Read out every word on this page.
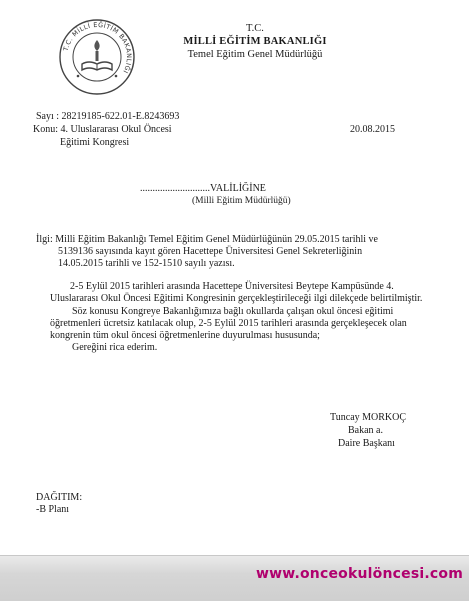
T.C. MİLLİ EĞİTİM BAKANLIĞI
T.C.
MİLLİ EĞİTİM BAKANLIĞI
Temel Eğitim Genel Müdürlüğü
Sayı : 28219185-622.01-E.8243693
Konu: 4. Uluslararası Okul Öncesi
Eğitimi Kongresi
20.08.2015
............................VALİLİĞİNE
(Milli Eğitim Müdürlüğü)
İlgi : Milli Eğitim Bakanlığı Temel Eğitim Genel Müdürlüğünün 29.05.2015 tarihli ve
5139136 sayısında kayıt gören Hacettepe Üniversitesi Genel Sekreterliğinin
14.05.2015 tarihli ve 152-1510 sayılı yazısı.
2-5 Eylül 2015 tarihleri arasında Hacettepe Üniversitesi Beytepe Kampüsünde 4.
Uluslararası Okul Öncesi Eğitimi Kongresinin gerçekleştirileceği ilgi dilekçede belirtilmiştir.
Söz konusu Kongreye Bakanlığımıza bağlı okullarda çalışan okul öncesi eğitimi
öğretmenleri ücretsiz katılacak olup, 2-5 Eylül 2015 tarihleri arasında gerçekleşecek olan
kongrenin tüm okul öncesi öğretmenlerine duyurulması hususunda;
Gereğini rica ederim.
Tuncay MORKOÇ
Bakan a.
Daire Başkanı
DAĞITIM:
-B Planı
www.onceokulöncesi.com
